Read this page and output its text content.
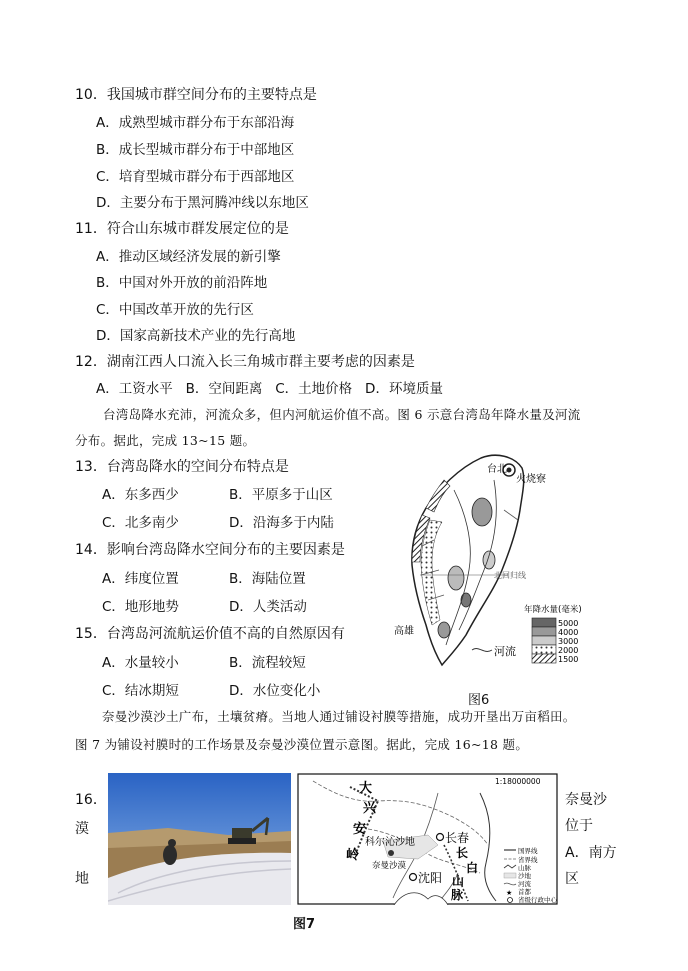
10．我国城市群空间分布的主要特点是
A．成熟型城市群分布于东部沿海
B．成长型城市群分布于中部地区
C．培育型城市群分布于西部地区
D．主要分布于黑河腾冲线以东地区
11．符合山东城市群发展定位的是
A．推动区域经济发展的新引擎
B．中国对外开放的前沿阵地
C．中国改革开放的先行区
D．国家高新技术产业的先行高地
12．湖南江西人口流入长三角城市群主要考虑的因素是
A．工资水平   B．空间距离   C．土地价格   D．环境质量
台湾岛降水充沛，河流众多，但内河航运价值不高。图 6 示意台湾岛年降水量及河流
分布。据此，完成 13~15 题。
13．台湾岛降水的空间分布特点是
A．东多西少	B．平原多于山区
C．北多南少	D．沿海多于内陆
14．影响台湾岛降水空间分布的主要因素是
A．纬度位置	B．海陆位置
C．地形地势	D．人类活动
15．台湾岛河流航运价值不高的自然原因有
A．水量较小	B．流程较短
C．结冰期短	D．水位变化小
台北
火烧寮
北回归线
高雄
河流
年降水量(毫米)
5000
4000
3000
2000
1500
图6
奈曼沙漠沙土广布，土壤贫瘠。当地人通过铺设衬膜等措施，成功开垦出万亩稻田。
图 7 为铺设衬膜时的工作场景及奈曼沙漠位置示意图。据此，完成 16~18 题。
16．
漠
地
奈曼沙
位于
A．南方
区
1:18000000
大
兴
安
岭
科尔沁沙地
奈曼沙漠
长春
沈阳
长
白
山
脉	★
国界线
省界线
山脉
沙地
河流
首都
省级行政中心
图7
